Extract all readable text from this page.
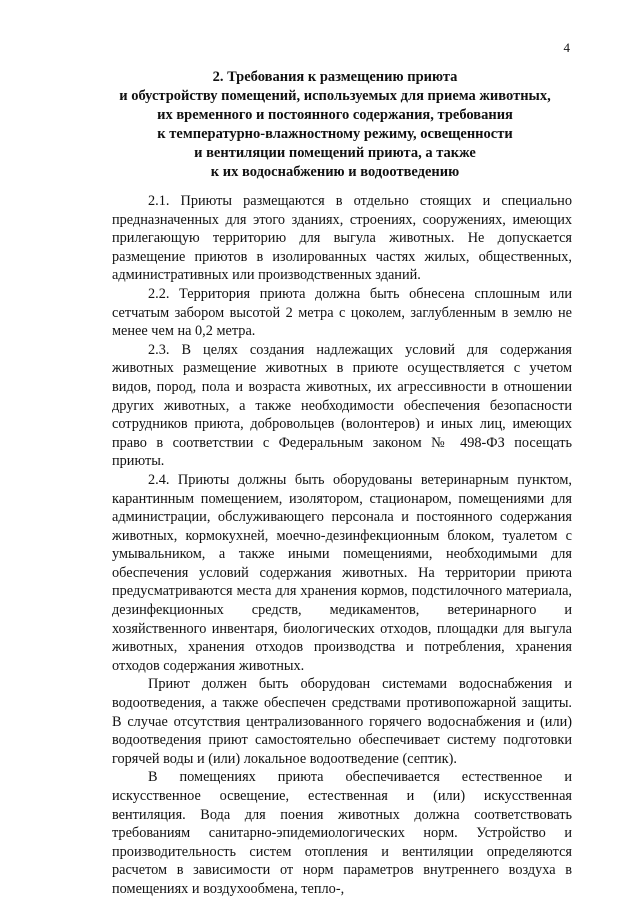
4
2. Требования к размещению приюта
и обустройству помещений, используемых для приема животных,
их временного и постоянного содержания, требования
к температурно-влажностному режиму, освещенности
и вентиляции помещений приюта, а также
к их водоснабжению и водоотведению

2.1. Приюты размещаются в отдельно стоящих и специально предназначенных для этого зданиях, строениях, сооружениях, имеющих прилегающую территорию для выгула животных. Не допускается размещение приютов в изолированных частях жилых, общественных, административных или производственных зданий.

2.2. Территория приюта должна быть обнесена сплошным или сетчатым забором высотой 2 метра с цоколем, заглубленным в землю не менее чем на 0,2 метра.

2.3. В целях создания надлежащих условий для содержания животных размещение животных в приюте осуществляется с учетом видов, пород, пола и возраста животных, их агрессивности в отношении других животных, а также необходимости обеспечения безопасности сотрудников приюта, добровольцев (волонтеров) и иных лиц, имеющих право в соответствии с Федеральным законом № 498-ФЗ посещать приюты.

2.4. Приюты должны быть оборудованы ветеринарным пунктом, карантинным помещением, изолятором, стационаром, помещениями для администрации, обслуживающего персонала и постоянного содержания животных, кормокухней, моечно-дезинфекционным блоком, туалетом с умывальником, а также иными помещениями, необходимыми для обеспечения условий содержания животных. На территории приюта предусматриваются места для хранения кормов, подстилочного материала, дезинфекционных средств, медикаментов, ветеринарного и хозяйственного инвентаря, биологических отходов, площадки для выгула животных, хранения отходов производства и потребления, хранения отходов содержания животных.

Приют должен быть оборудован системами водоснабжения и водоотведения, а также обеспечен средствами противопожарной защиты. В случае отсутствия централизованного горячего водоснабжения и (или) водоотведения приют самостоятельно обеспечивает систему подготовки горячей воды и (или) локальное водоотведение (септик).

В помещениях приюта обеспечивается естественное и искусственное освещение, естественная и (или) искусственная вентиляция. Вода для поения животных должна соответствовать требованиям санитарно-эпидемиологических норм. Устройство и производительность систем отопления и вентиляции определяются расчетом в зависимости от норм параметров внутреннего воздуха в помещениях и воздухообмена, тепло-,
